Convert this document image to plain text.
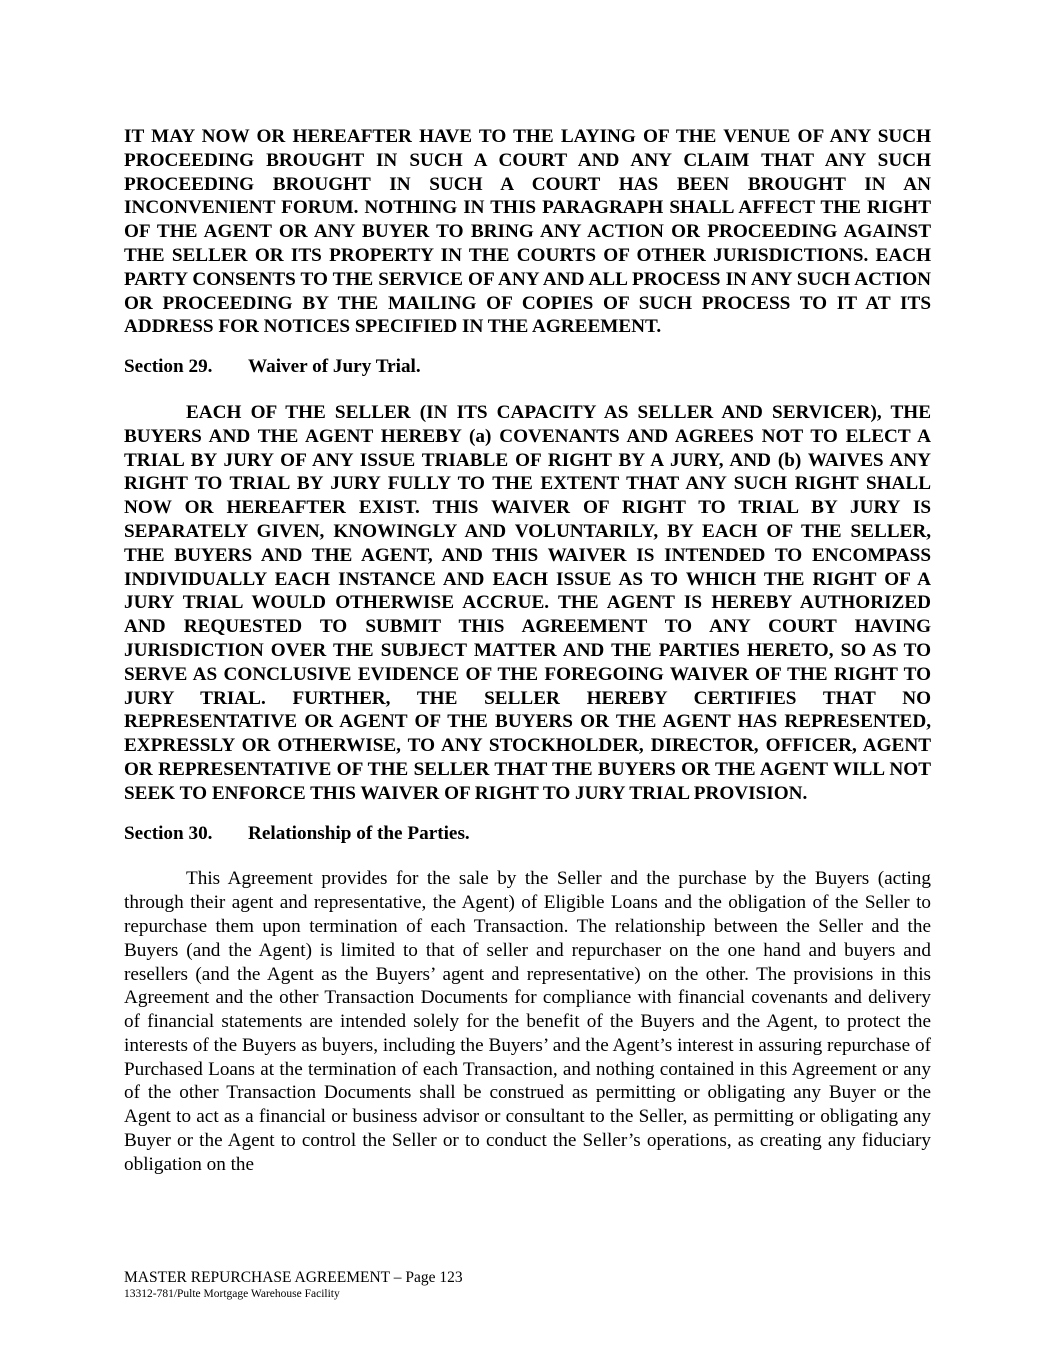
IT MAY NOW OR HEREAFTER HAVE TO THE LAYING OF THE VENUE OF ANY SUCH PROCEEDING BROUGHT IN SUCH A COURT AND ANY CLAIM THAT ANY SUCH PROCEEDING BROUGHT IN SUCH A COURT HAS BEEN BROUGHT IN AN INCONVENIENT FORUM. NOTHING IN THIS PARAGRAPH SHALL AFFECT THE RIGHT OF THE AGENT OR ANY BUYER TO BRING ANY ACTION OR PROCEEDING AGAINST THE SELLER OR ITS PROPERTY IN THE COURTS OF OTHER JURISDICTIONS. EACH PARTY CONSENTS TO THE SERVICE OF ANY AND ALL PROCESS IN ANY SUCH ACTION OR PROCEEDING BY THE MAILING OF COPIES OF SUCH PROCESS TO IT AT ITS ADDRESS FOR NOTICES SPECIFIED IN THE AGREEMENT.

Section 29. Waiver of Jury Trial.

EACH OF THE SELLER (IN ITS CAPACITY AS SELLER AND SERVICER), THE BUYERS AND THE AGENT HEREBY (a) COVENANTS AND AGREES NOT TO ELECT A TRIAL BY JURY OF ANY ISSUE TRIABLE OF RIGHT BY A JURY, AND (b) WAIVES ANY RIGHT TO TRIAL BY JURY FULLY TO THE EXTENT THAT ANY SUCH RIGHT SHALL NOW OR HEREAFTER EXIST. THIS WAIVER OF RIGHT TO TRIAL BY JURY IS SEPARATELY GIVEN, KNOWINGLY AND VOLUNTARILY, BY EACH OF THE SELLER, THE BUYERS AND THE AGENT, AND THIS WAIVER IS INTENDED TO ENCOMPASS INDIVIDUALLY EACH INSTANCE AND EACH ISSUE AS TO WHICH THE RIGHT OF A JURY TRIAL WOULD OTHERWISE ACCRUE. THE AGENT IS HEREBY AUTHORIZED AND REQUESTED TO SUBMIT THIS AGREEMENT TO ANY COURT HAVING JURISDICTION OVER THE SUBJECT MATTER AND THE PARTIES HERETO, SO AS TO SERVE AS CONCLUSIVE EVIDENCE OF THE FOREGOING WAIVER OF THE RIGHT TO JURY TRIAL. FURTHER, THE SELLER HEREBY CERTIFIES THAT NO REPRESENTATIVE OR AGENT OF THE BUYERS OR THE AGENT HAS REPRESENTED, EXPRESSLY OR OTHERWISE, TO ANY STOCKHOLDER, DIRECTOR, OFFICER, AGENT OR REPRESENTATIVE OF THE SELLER THAT THE BUYERS OR THE AGENT WILL NOT SEEK TO ENFORCE THIS WAIVER OF RIGHT TO JURY TRIAL PROVISION.

Section 30. Relationship of the Parties.

This Agreement provides for the sale by the Seller and the purchase by the Buyers (acting through their agent and representative, the Agent) of Eligible Loans and the obligation of the Seller to repurchase them upon termination of each Transaction. The relationship between the Seller and the Buyers (and the Agent) is limited to that of seller and repurchaser on the one hand and buyers and resellers (and the Agent as the Buyers’ agent and representative) on the other. The provisions in this Agreement and the other Transaction Documents for compliance with financial covenants and delivery of financial statements are intended solely for the benefit of the Buyers and the Agent, to protect the interests of the Buyers as buyers, including the Buyers’ and the Agent’s interest in assuring repurchase of Purchased Loans at the termination of each Transaction, and nothing contained in this Agreement or any of the other Transaction Documents shall be construed as permitting or obligating any Buyer or the Agent to act as a financial or business advisor or consultant to the Seller, as permitting or obligating any Buyer or the Agent to control the Seller or to conduct the Seller’s operations, as creating any fiduciary obligation on the

MASTER REPURCHASE AGREEMENT – Page 123
13312-781/Pulte Mortgage Warehouse Facility
